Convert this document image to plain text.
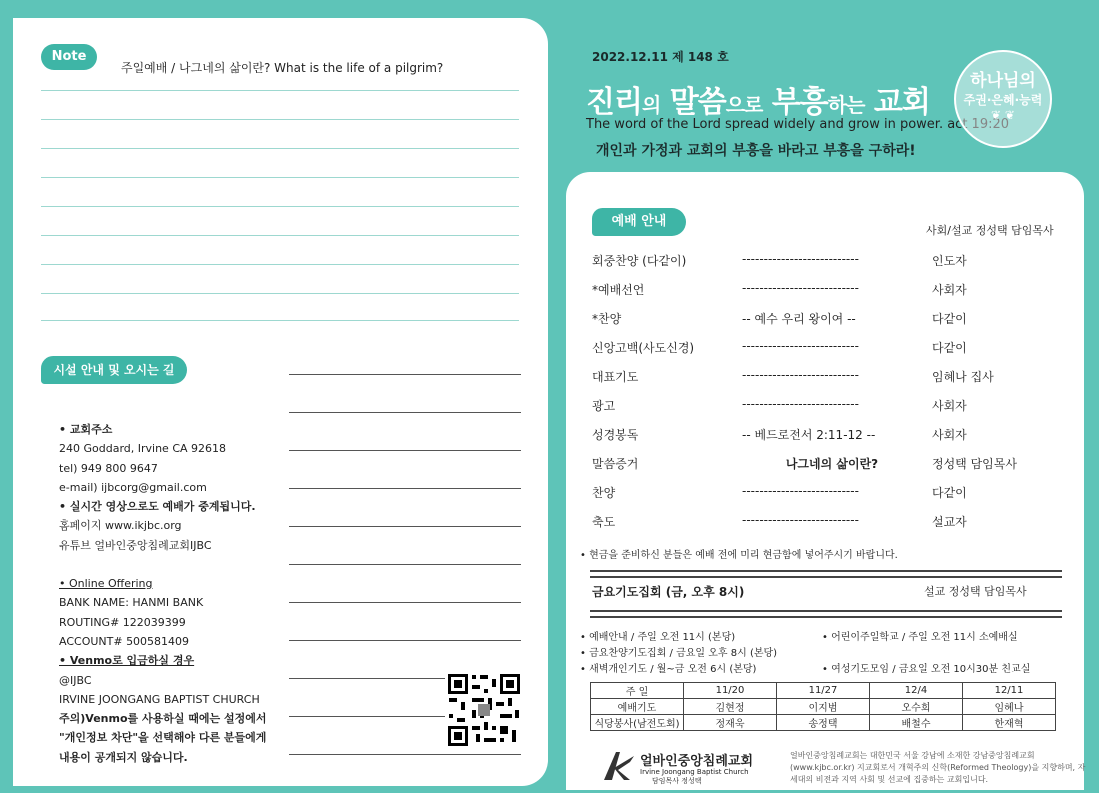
Note
주일예배 / 나그네의 삶이란? What is the life of a pilgrim?
시설 안내 및 오시는 길
• 교회주소
240 Goddard, Irvine CA 92618
tel) 949 800 9647
e-mail) ijbcorg@gmail.com
• 실시간 영상으로도 예배가 중계됩니다.
홈페이지 www.ikjbc.org
유튜브 얼바인중앙침례교회IJBC
• Online Offering
BANK NAME: HANMI BANK
ROUTING# 122039399
ACCOUNT# 500581409
• Venmo로 입금하실 경우
@IJBC
IRVINE JOONGANG BAPTIST CHURCH
주의)Venmo를 사용하실 때에는 설정에서
"개인정보 차단"을 선택해야 다른 분들에게
내용이 공개되지 않습니다.
2022.12.11 제 148 호
진리의 말씀으로 부흥하는 교회
The word of the Lord spread widely and grow in power. act 19:20
개인과 가정과 교회의 부흥을 바라고 부흥을 구하라!
하나님의
주권·은혜·능력
❦ ❦
예배 안내
사회/설교 정성택 담임목사
회중찬양 (다같이)	---------------------------	인도자
*예배선언	---------------------------	사회자
*찬양	-- 예수 우리 왕이여 --	다같이
신앙고백(사도신경)	---------------------------	다같이
대표기도	---------------------------	임혜나 집사
광고	---------------------------	사회자
성경봉독	-- 베드로전서 2:11-12 --	사회자
말씀증거	나그네의 삶이란?	정성택 담임목사
찬양	---------------------------	다같이
축도	---------------------------	설교자
• 현금을 준비하신 분들은 예배 전에 미리 현금함에 넣어주시기 바랍니다.
금요기도집회 (금, 오후 8시)	설교 정성택 담임목사
• 예배안내 / 주일 오전 11시 (본당)
• 금요찬양기도집회 / 금요일 오후 8시 (본당)
• 새벽개인기도 / 월~금 오전 6시 (본당)
• 어린이주일학교 / 주일 오전 11시 소예배실
• 여성기도모임 / 금요일 오전 10시30분 친교실
주 일	11/20	11/27	12/4	12/11
예배기도	김현정	이지범	오수희	임혜나
식당봉사(남전도회)	정재욱	송정택	배철수	한재혁
얼바인중앙침례교회
Irvine Joongang Baptist Church
담임목사 정성택
얼바인중앙침례교회는 대한민국 서울 강남에 소재한 강남중앙침례교회(www.kjbc.or.kr) 지교회로서 개혁주의 신학(Reformed Theology)을 지향하며, 자세대의 비전과 지역 사회 및 선교에 집중하는 교회입니다.
